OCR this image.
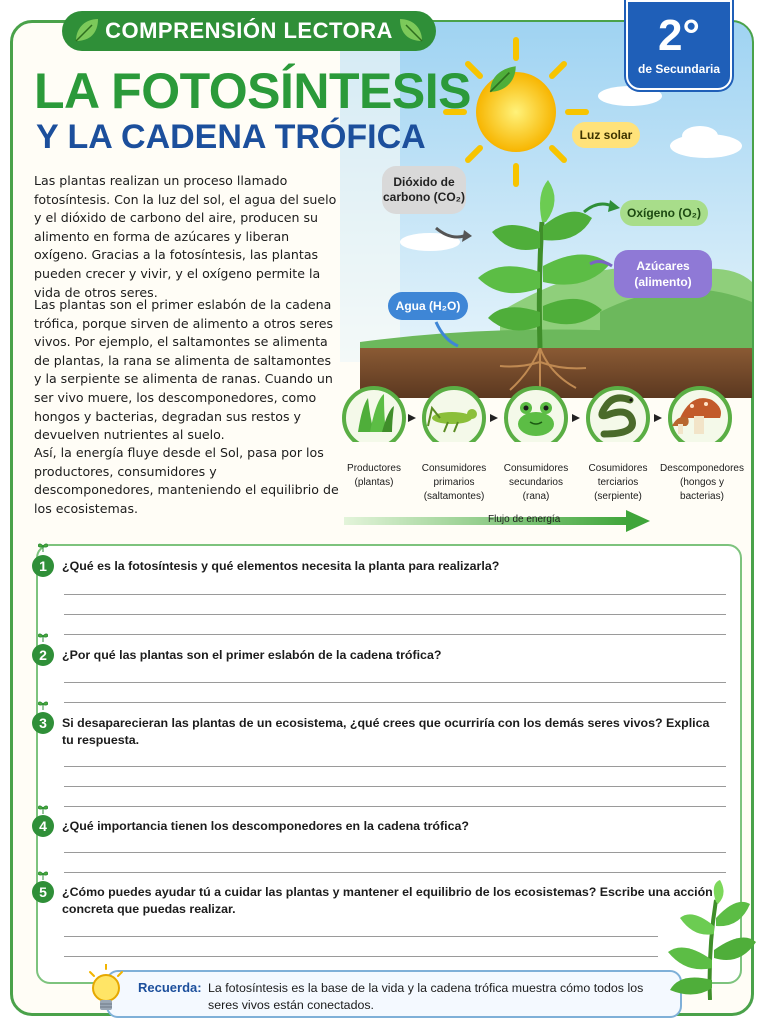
COMPRENSIÓN LECTORA	2°
de Secundaria
LA FOTOSÍNTESIS
Y LA CADENA TRÓFICA

Las plantas realizan un proceso llamado fotosíntesis. Con la luz del sol, el agua del suelo y el dióxido de carbono del aire, producen su alimento en forma de azúcares y liberan oxígeno. Gracias a la fotosíntesis, las plantas pueden crecer y vivir, y el oxígeno permite la vida de otros seres.

Las plantas son el primer eslabón de la cadena trófica, porque sirven de alimento a otros seres vivos. Por ejemplo, el saltamontes se alimenta de plantas, la rana se alimenta de saltamontes y la serpiente se alimenta de ranas. Cuando un ser vivo muere, los descomponedores, como hongos y bacterias, degradan sus restos y devuelven nutrientes al suelo.

Así, la energía fluye desde el Sol, pasa por los productores, consumidores y descomponedores, manteniendo el equilibrio de los ecosistemas.

Luz solar
Dióxido de
carbono (CO₂)
Oxígeno (O₂)
Azúcares
(alimento)
Agua (H₂O)
Productores
(plantas)
Consumidores
primarios
(saltamontes)
Consumidores
secundarios
(rana)
Cosumidores
terciarios
(serpiente)
Descomponedores
(hongos y
bacterias)
Flujo de energía
1	¿Qué es la fotosíntesis y qué elementos necesita la planta para realizarla?
2	¿Por qué las plantas son el primer eslabón de la cadena trófica?
3	Si desaparecieran las plantas de un ecosistema, ¿qué crees que ocurriría con los demás seres vivos? Explica tu respuesta.
4	¿Qué importancia tienen los descomponedores en la cadena trófica?
5	¿Cómo puedes ayudar tú a cuidar las plantas y mantener el equilibrio de los ecosistemas? Escribe una acción concreta que puedas realizar.
Recuerda: La fotosíntesis es la base de la vida y la cadena trófica muestra cómo todos los seres vivos están conectados.
